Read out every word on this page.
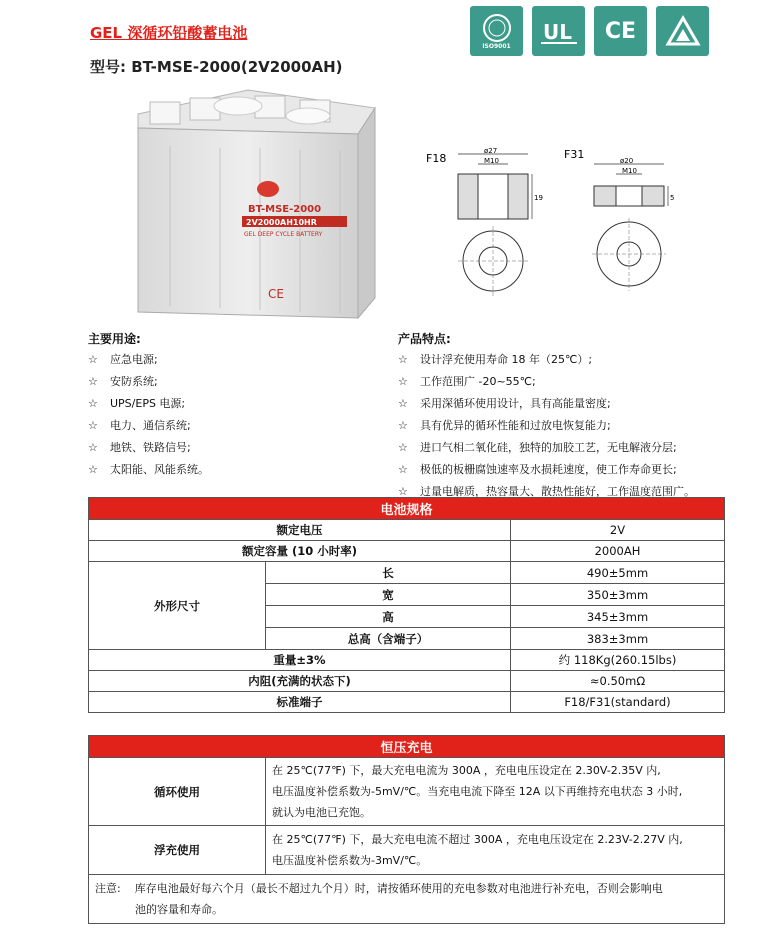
GEL 深循环铅酸蓄电池
型号: BT-MSE-2000(2V2000AH)
ISO9001
UL CE
BT-MSE-2000
2V2000AH10HR
GEL DEEP CYCLE BATTERY
CE
F18
ø27
M10
19
F31	ø20
M10
5
主要用途:
☆	应急电源;
☆	安防系统;
☆	UPS/EPS 电源;
☆	电力、通信系统;
☆	地铁、铁路信号;
☆	太阳能、风能系统。
产品特点:
☆	设计浮充使用寿命 18 年（25℃）;
☆	工作范围广 -20~55℃;
☆	采用深循环使用设计，具有高能量密度;
☆	具有优异的循环性能和过放电恢复能力;
☆	进口气相二氧化硅，独特的加胶工艺，无电解液分层;
☆	极低的板栅腐蚀速率及水损耗速度，使工作寿命更长;
☆	过量电解质，热容量大、散热性能好，工作温度范围广。
电池规格		
额定电压		2V
额定容量 (10 小时率)		2000AH
外形尺寸	长	490±5mm
	宽	350±3mm
	高	345±3mm
	总高（含端子）	383±3mm
重量±3%		约 118Kg(260.15lbs)
内阻(充满的状态下)		≈0.50mΩ
标准端子		F18/F31(standard)
恒压充电	
循环使用	在 25℃(77℉) 下，最大充电电流为 300A ，充电电压设定在 2.30V-2.35V 内,
电压温度补偿系数为-5mV/℃。当充电电流下降至 12A 以下再维持充电状态 3 小时,
就认为电池已充饱。

浮充使用	在 25℃(77℉) 下，最大充电电流不超过 300A ，充电电压设定在 2.23V-2.27V 内,
电压温度补偿系数为-3mV/℃。

注意: 库存电池最好每六个月（最长不超过九个月）时，请按循环使用的充电参数对电池进行补充电，否则会影响电
池的容量和寿命。	
